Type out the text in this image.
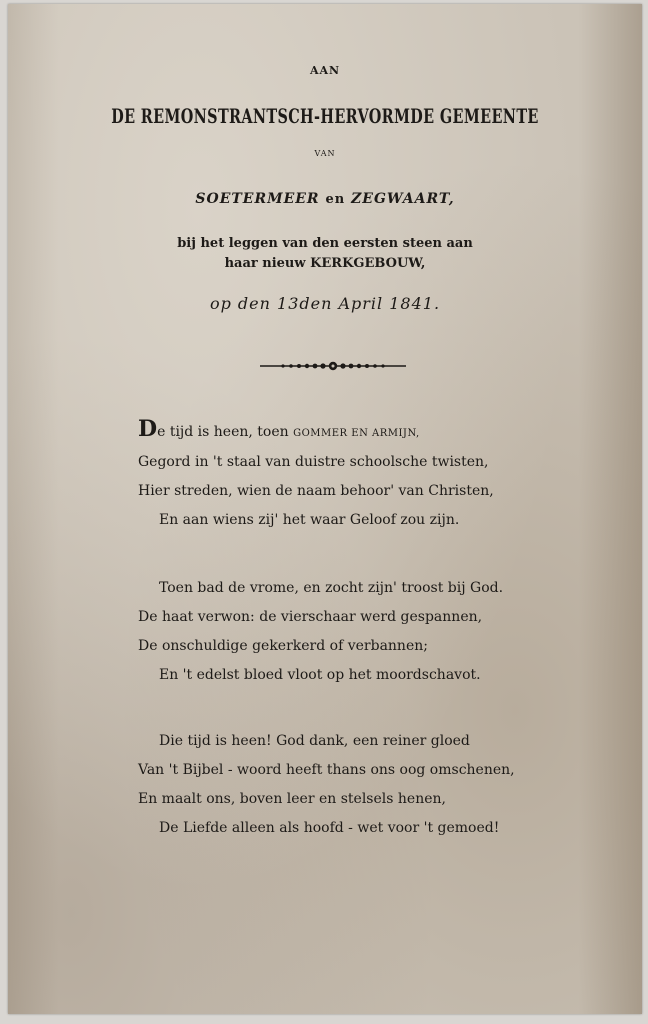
AAN
DE REMONSTRANTSCH-HERVORMDE GEMEENTE
VAN
SOETERMEER en ZEGWAART,
bij het leggen van den eersten steen aan
haar nieuw KERKGEBOUW,
op den 13den April 1841.
De tijd is heen, toen GOMMER EN ARMIJN,
Gegord in 't staal van duistre schoolsche twisten,
Hier streden, wien de naam behoor' van Christen,
En aan wiens zij' het waar Geloof zou zijn.
Toen bad de vrome, en zocht zijn' troost bij God.
De haat verwon: de vierschaar werd gespannen,
De onschuldige gekerkerd of verbannen;
En 't edelst bloed vloot op het moordschavot.
Die tijd is heen! God dank, een reiner gloed
Van 't Bijbel - woord heeft thans ons oog omschenen,
En maalt ons, boven leer en stelsels henen,
De Liefde alleen als hoofd - wet voor 't gemoed!
